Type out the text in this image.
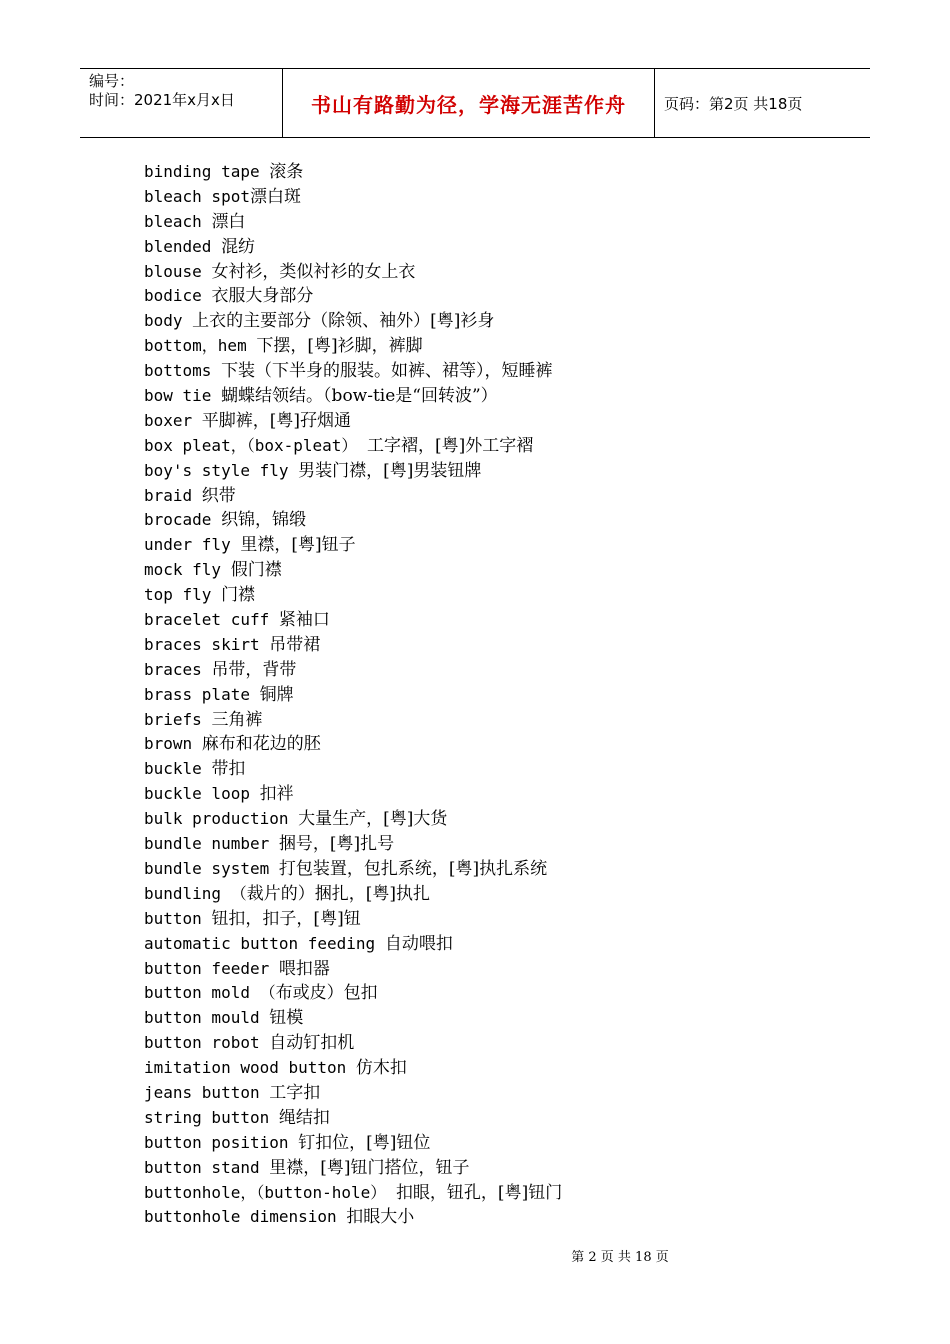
编号：
时间：2021年x月x日	书山有路勤为径，学海无涯苦作舟	页码：第2页 共18页
binding tape 滚条
bleach spot漂白斑
bleach 漂白
blended 混纺
blouse 女衬衫，类似衬衫的女上衣
bodice 衣服大身部分
body 上衣的主要部分（除领、袖外）[粤]衫身
bottom，hem 下摆，[粤]衫脚，裤脚
bottoms 下装（下半身的服装。如裤、裙等），短睡裤
bow tie 蝴蝶结领结。（bow-tie是“回转波”）
boxer 平脚裤，[粤]孖烟通
box pleat，（box-pleat） 工字褶，[粤]外工字褶
boy's style fly 男装门襟，[粤]男装钮牌
braid 织带
brocade 织锦，锦缎
under fly 里襟，[粤]钮子
mock fly 假门襟
top fly 门襟
bracelet cuff 紧袖口
braces skirt 吊带裙
braces 吊带，背带
brass plate 铜牌
briefs 三角裤
brown 麻布和花边的胚
buckle 带扣
buckle loop 扣袢
bulk production 大量生产，[粤]大货
bundle number 捆号，[粤]扎号
bundle system 打包装置，包扎系统，[粤]执扎系统
bundling （裁片的）捆扎，[粤]执扎
button 钮扣，扣子，[粤]钮
automatic button feeding 自动喂扣
button feeder 喂扣器
button mold （布或皮）包扣
button mould 钮模
button robot 自动钉扣机
imitation wood button 仿木扣
jeans button 工字扣
string button 绳结扣
button position 钉扣位，[粤]钮位
button stand 里襟，[粤]钮门搭位，钮子
buttonhole，（button-hole） 扣眼，钮孔，[粤]钮门
buttonhole dimension 扣眼大小
第 2 页 共 18 页
